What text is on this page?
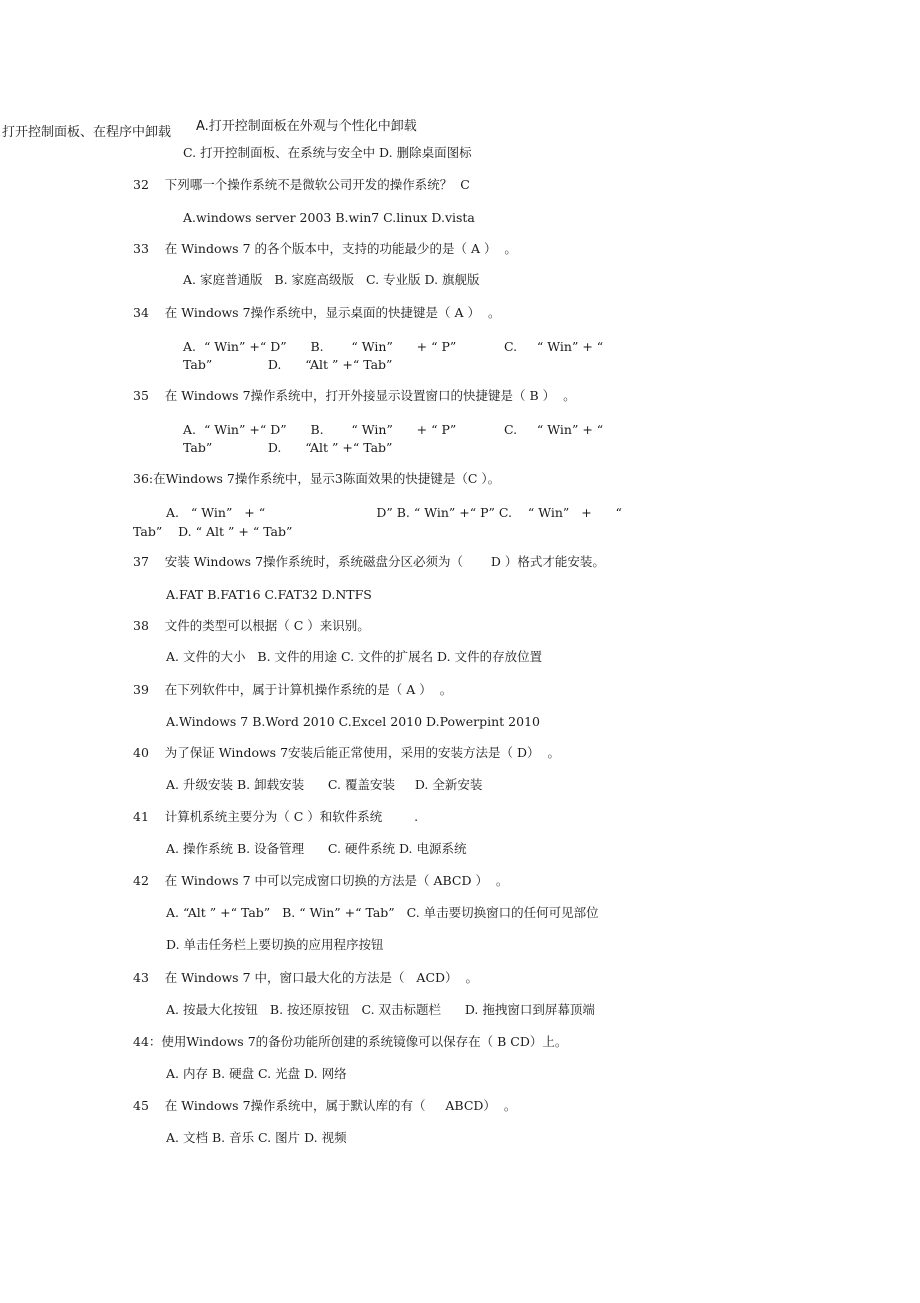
打开控制面板、在程序中卸载 A.打开控制面板在外观与个性化中卸载
C. 打开控制面板、在系统与安全中 D. 删除桌面图标
32    下列哪一个操作系统不是微软公司开发的操作系统？  C
A.windows server 2003 B.win7 C.linux D.vista
33    在 Windows 7 的各个版本中，支持的功能最少的是（ A ）  。
A. 家庭普通版   B. 家庭高级版   C. 专业版 D. 旗舰版
34    在 Windows 7操作系统中，显示桌面的快捷键是（ A ）  。
A.  “ Win” +“ D”      B.       “ Win”      + “ P”            C.     “ Win” + “
Tab”              D.      “Alt ” +“ Tab”
35    在 Windows 7操作系统中，打开外接显示设置窗口的快捷键是（ B ）  。
A.  “ Win” +“ D”      B.       “ Win”      + “ P”            C.     “ Win” + “
Tab”              D.      “Alt ” +“ Tab”
36:在Windows 7操作系统中，显示3陈面效果的快捷键是（C ）。
A.   “ Win”   + “                            D” B. “ Win” +“ P” C.    “ Win”   +      “
Tab”    D. “ Alt ” + “ Tab”
37    安装 Windows 7操作系统时，系统磁盘分区必须为（       D ）格式才能安装。
A.FAT B.FAT16 C.FAT32 D.NTFS
38    文件的类型可以根据（ C ）来识别。
A. 文件的大小   B. 文件的用途 C. 文件的扩展名 D. 文件的存放位置
39    在下列软件中，属于计算机操作系统的是（ A ）  。
A.Windows 7 B.Word 2010 C.Excel 2010 D.Powerpint 2010
40    为了保证 Windows 7安装后能正常使用，采用的安装方法是（ D）  。
A. 升级安装 B. 卸载安装      C. 覆盖安装     D. 全新安装
41    计算机系统主要分为（ C ）和软件系统        .
A. 操作系统 B. 设备管理      C. 硬件系统 D. 电源系统
42    在 Windows 7 中可以完成窗口切换的方法是（ ABCD ）  。
A. “Alt ” +“ Tab”   B. “ Win” +“ Tab”   C. 单击要切换窗口的任何可见部位
D. 单击任务栏上要切换的应用程序按钮
43    在 Windows 7 中，窗口最大化的方法是（   ACD）  。
A. 按最大化按钮   B. 按还原按钮   C. 双击标题栏      D. 拖拽窗口到屏幕顶端
44：使用Windows 7的备份功能所创建的系统镜像可以保存在（ B CD）上。
A. 内存 B. 硬盘 C. 光盘 D. 网络
45    在 Windows 7操作系统中，属于默认库的有（     ABCD）  。
A. 文档 B. 音乐 C. 图片 D. 视频
